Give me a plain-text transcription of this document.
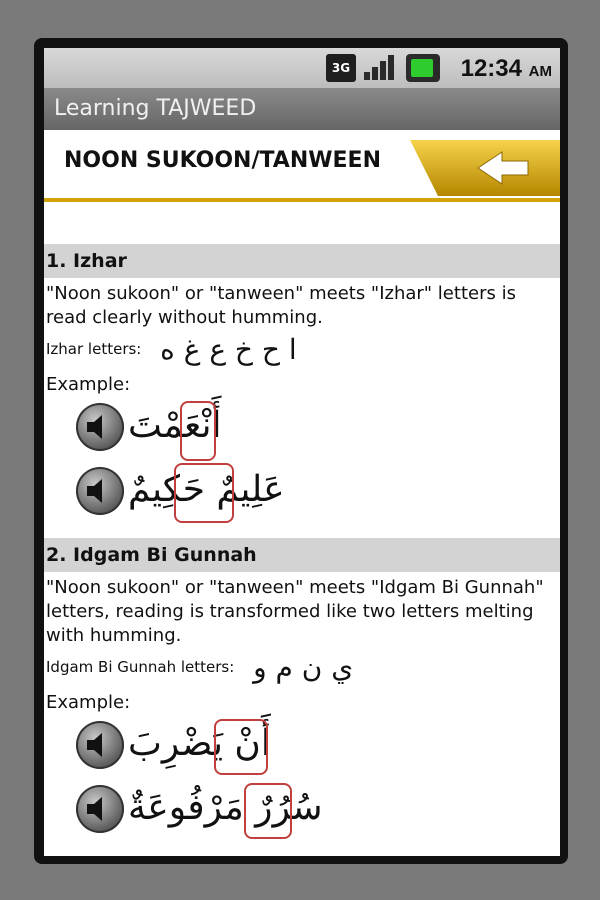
3G	12:34 AM
Learning TAJWEED
NOON SUKOON/TANWEEN
1. Izhar
"Noon sukoon" or "tanween" meets "Izhar" letters is read clearly without humming.
Izhar letters: ا ح خ ع غ ه
Example:
أَنْعَمْتَ
عَلِيمٌ حَكِيمٌ
2. Idgam Bi Gunnah
"Noon sukoon" or "tanween" meets "Idgam Bi Gunnah" letters, reading is transformed like two letters melting with humming.
Idgam Bi Gunnah letters: ي ن م و
Example:
أَنْ يَضْرِبَ
سُرُرٌ مَرْفُوعَةٌ
